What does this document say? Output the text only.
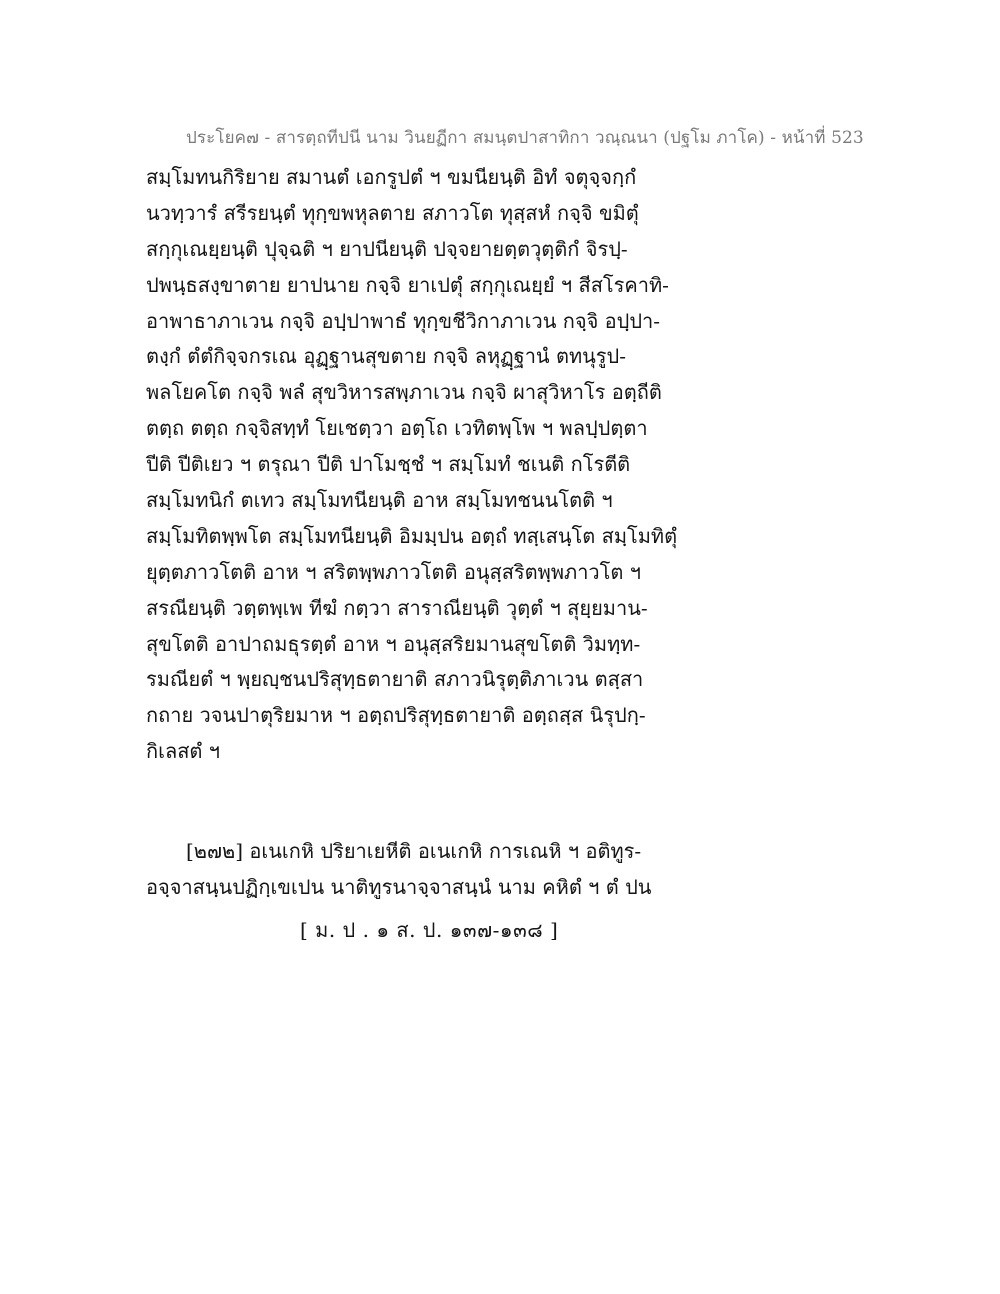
ประโยค๗ - สารตฺถทีปนี นาม วินยฏีกา สมนฺตปาสาทิกา วณฺณนา (ปฐโม ภาโค) - หน้าที่ 523
สมฺโมทนกิริยาย สมานตํ เอกรูปตํ ฯ ขมนียนฺติ อิทํ จตุจฺจกฺกํ
นวทฺวารํ สรีรยนฺตํ ทุกฺขพหุลตาย สภาวโต ทุสฺสหํ กจฺจิ ขมิตุํ
สกฺกุเณยฺยนฺติ ปุจฺฉติ ฯ ยาปนียนฺติ ปจฺจยายตฺตวุตฺติกํ จิรปฺ-
ปพนฺธสงฺขาตาย ยาปนาย กจฺจิ ยาเปตุํ สกฺกุเณยฺยํ ฯ สีสโรคาทิ-
อาพาธาภาเวน กจฺจิ อปฺปาพาธํ ทุกฺขชีวิกาภาเวน กจฺจิ อปฺปา-
ตงฺกํ ตํตํกิจฺจกรเณ อุฏฺฐานสุขตาย กจฺจิ ลหุฏฺฐานํ ตทนุรูป-
พลโยคโต กจฺจิ พลํ สุขวิหารสพฺภาเวน กจฺจิ ผาสุวิหาโร อตฺถีติ
ตตฺถ ตตฺถ กจฺจิสทฺทํ โยเชตฺวา อตฺโถ เวทิตพฺโพ ฯ พลปฺปตฺตา
ปีติ ปีติเยว ฯ ตรุณา ปีติ ปาโมชฺชํ ฯ สมฺโมทํ ชเนติ กโรตีติ
สมฺโมทนิกํ ตเทว สมฺโมทนียนฺติ อาห สมฺโมทชนนโตติ ฯ
สมฺโมทิตพฺพโต สมฺโมทนียนฺติ อิมมฺปน อตฺถํ ทสฺเสนฺโต สมฺโมทิตุํ
ยุตฺตภาวโตติ อาห ฯ สริตพฺพภาวโตติ อนุสฺสริตพฺพภาวโต ฯ
สรณียนฺติ วตฺตพฺเพ ทีฆํ กตฺวา สาราณียนฺติ วุตฺตํ ฯ สุยฺยมาน-
สุขโตติ อาปาถมธุรตฺตํ อาห ฯ อนุสฺสริยมานสุขโตติ วิมทฺท-
รมณียตํ ฯ พฺยญฺชนปริสุทฺธตายาติ สภาวนิรุตฺติภาเวน ตสฺสา
กถาย วจนปาตุริยมาห ฯ อตฺถปริสุทฺธตายาติ อตฺถสฺส นิรุปกฺ-
กิเลสตํ ฯ
[๒๗๒] อเนเกหิ ปริยาเยหีติ อเนเกหิ การเณหิ ฯ อติทูร-
อจฺจาสนฺนปฏิกฺเขเปน นาติทูรนาจฺจาสนฺนํ นาม คหิตํ ฯ ตํ ปน
[ ม. ป . ๑ ส. ป. ๑๓๗-๑๓๘ ]
